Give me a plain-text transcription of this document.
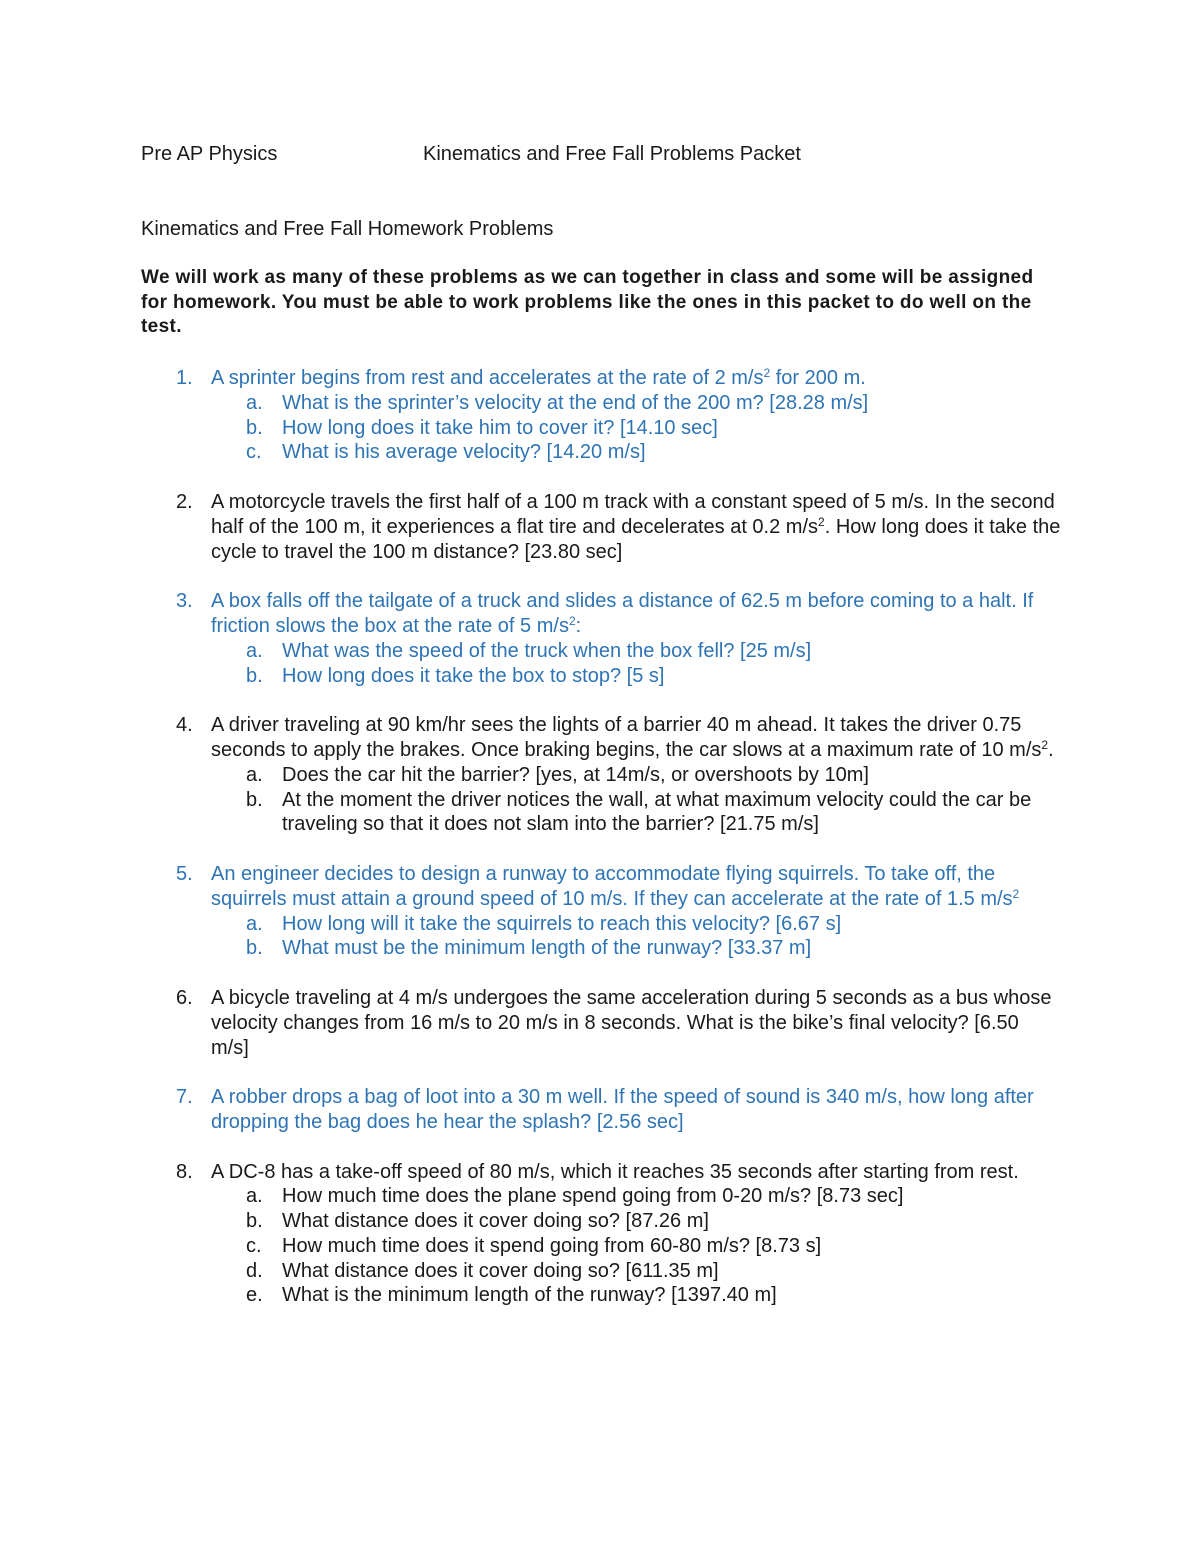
Pre AP Physics	Kinematics and Free Fall Problems Packet
Kinematics and Free Fall Homework Problems
We will work as many of these problems as we can together in class and some will be assigned for homework. You must be able to work problems like the ones in this packet to do well on the test.
1. A sprinter begins from rest and accelerates at the rate of 2 $m/s^2$ for 200 m.
a. What is the sprinter’s velocity at the end of the 200 m? [28.28 m/s]
b. How long does it take him to cover it? [14.10 sec]
c. What is his average velocity? [14.20 m/s]
2. A motorcycle travels the first half of a 100 m track with a constant speed of 5 m/s. In the second half of the 100 m, it experiences a flat tire and decelerates at 0.2 $m/s^2$. How long does it take the cycle to travel the 100 m distance? [23.80 sec]
3. A box falls off the tailgate of a truck and slides a distance of 62.5 m before coming to a halt. If friction slows the box at the rate of 5 $m/s^2$:
a. What was the speed of the truck when the box fell? [25 m/s]
b. How long does it take the box to stop? [5 s]
4. A driver traveling at 90 km/hr sees the lights of a barrier 40 m ahead. It takes the driver 0.75 seconds to apply the brakes. Once braking begins, the car slows at a maximum rate of 10 $m/s^2$.
a. Does the car hit the barrier? [yes, at 14m/s, or overshoots by 10m]
b. At the moment the driver notices the wall, at what maximum velocity could the car be traveling so that it does not slam into the barrier? [21.75 m/s]
5. An engineer decides to design a runway to accommodate flying squirrels. To take off, the squirrels must attain a ground speed of 10 m/s. If they can accelerate at the rate of 1.5 $m/s^2$
a. How long will it take the squirrels to reach this velocity? [6.67 s]
b. What must be the minimum length of the runway? [33.37 m]
6. A bicycle traveling at 4 m/s undergoes the same acceleration during 5 seconds as a bus whose velocity changes from 16 m/s to 20 m/s in 8 seconds. What is the bike’s final velocity? [6.50 m/s]
7. A robber drops a bag of loot into a 30 m well. If the speed of sound is 340 m/s, how long after dropping the bag does he hear the splash? [2.56 sec]
8. A DC-8 has a take-off speed of 80 m/s, which it reaches 35 seconds after starting from rest.
a. How much time does the plane spend going from 0-20 m/s? [8.73 sec]
b. What distance does it cover doing so? [87.26 m]
c. How much time does it spend going from 60-80 m/s? [8.73 s]
d. What distance does it cover doing so? [611.35 m]
e. What is the minimum length of the runway? [1397.40 m]
